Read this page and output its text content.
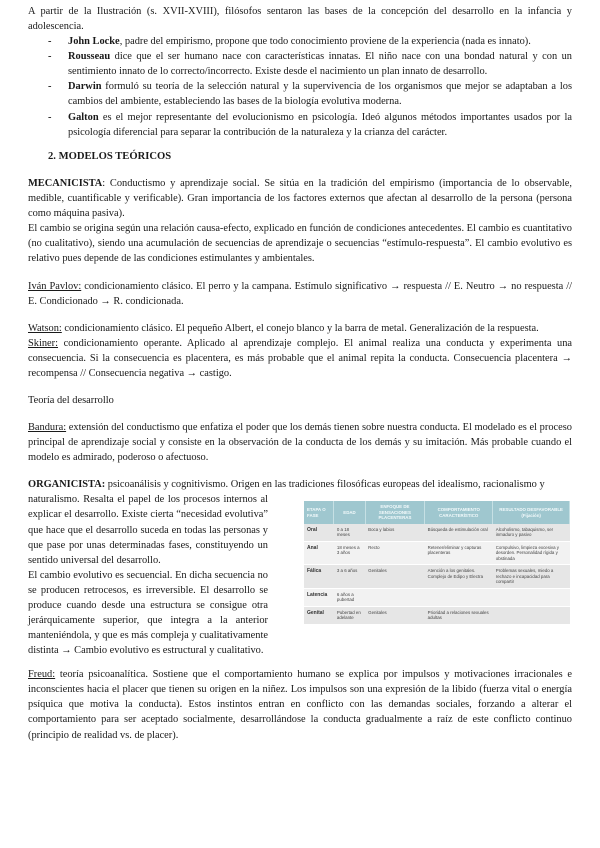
A partir de la Ilustración (s. XVII-XVIII), filósofos sentaron las bases de la concepción del desarrollo en la infancia y adolescencia.

- John Locke, padre del empirismo, propone que todo conocimiento proviene de la experiencia (nada es innato).
- Rousseau dice que el ser humano nace con características innatas. El niño nace con una bondad natural y con un sentimiento innato de lo correcto/incorrecto. Existe desde el nacimiento un plan innato de desarrollo.
- Darwin formuló su teoría de la selección natural y la supervivencia de los organismos que mejor se adaptaban a los cambios del ambiente, estableciendo las bases de la biología evolutiva moderna.
- Galton es el mejor representante del evolucionismo en psicología. Ideó algunos métodos importantes usados por la psicología diferencial para separar la contribución de la naturaleza y la crianza del carácter.
2. MODELOS TEÓRICOS

MECANICISTA: Conductismo y aprendizaje social. Se sitúa en la tradición del empirismo (importancia de lo observable, medible, cuantificable y verificable). Gran importancia de los factores externos que afectan al desarrollo de la persona (persona como máquina pasiva).

El cambio se origina según una relación causa-efecto, explicado en función de condiciones antecedentes. El cambio es cuantitativo (no cualitativo), siendo una acumulación de secuencias de aprendizaje o secuencias “estímulo-respuesta”. El cambio evolutivo es relativo pues depende de las condiciones estimulantes y ambientales.

Iván Pavlov: condicionamiento clásico. El perro y la campana. Estímulo significativo → respuesta // E. Neutro → no respuesta // E. Condicionado → R. condicionada.

Watson: condicionamiento clásico. El pequeño Albert, el conejo blanco y la barra de metal. Generalización de la respuesta.

Skiner: condicionamiento operante. Aplicado al aprendizaje complejo. El animal realiza una conducta y experimenta una consecuencia. Si la consecuencia es placentera, es más probable que el animal repita la conducta. Consecuencia placentera → recompensa // Consecuencia negativa → castigo.

Teoría del desarrollo

Bandura: extensión del conductismo que enfatiza el poder que los demás tienen sobre nuestra conducta. El modelado es el proceso principal de aprendizaje social y consiste en la observación de la conducta de los demás y su imitación. Más probable cuando el modelo es admirado, poderoso o afectuoso.

ORGANICISTA: psicoanálisis y cognitivismo. Origen en las tradiciones filosóficas europeas del idealismo, racionalismo y

naturalismo. Resalta el papel de los procesos internos al explicar el desarrollo. Existe cierta “necesidad evolutiva” que hace que el desarrollo suceda en todas las personas y que pase por unas determinadas fases, constituyendo un sentido universal del desarrollo.

El cambio evolutivo es secuencial. En dicha secuencia no se producen retrocesos, es irreversible. El desarrollo se produce cuando desde una estructura se consigue otra jerárquicamente superior, que integra a la anterior manteniéndola, y que es más compleja y cualitativamente distinta → Cambio evolutivo es estructural y cualitativo.

ETAPA O FASE	EDAD	ENFOQUE DE SENSACIONES PLACENTERAS	COMPORTAMIENTO CARACTERÍSTICO	RESULTADO DESFAVORABLE (Fijación)
Oral	0 a 18 meses	Boca y labios	Búsqueda de estimulación oral	Alcoholismo, tabaquismo, ser inmaduro y pasivo
Anal	18 meses a 3 años	Recto	Retener/eliminar y capturas placenteras	Compulsivo, limpieza excesiva y desorden. Personalidad rígida y obstinada
Fálica	3 a 6 años	Genitales	Atención a los genitales. Complejo de Edipo y Electra	Problemas sexuales, miedo a rechazo e incapacidad para compartir
Latencia	6 años a pubertad			
Genital	Pubertad en adelante	Genitales	Prioridad a relaciones sexuales adultas	

Freud: teoría psicoanalítica. Sostiene que el comportamiento humano se explica por impulsos y motivaciones irracionales e inconscientes hacia el placer que tienen su origen en la niñez. Los impulsos son una expresión de la libido (fuerza vital o energía psíquica que motiva la conducta). Estos instintos entran en conflicto con las demandas sociales, forzando a alterar el comportamiento para ser aceptado socialmente, desarrollándose la conducta gradualmente a raíz de este conflicto continuo (principio de realidad vs. de placer).
